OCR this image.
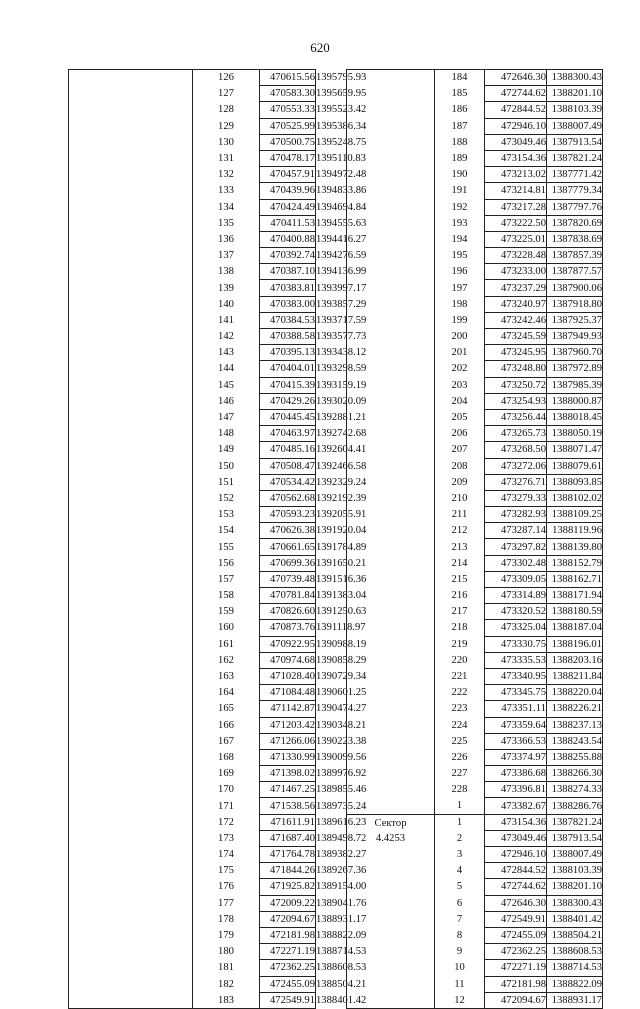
620
	126	470615.56	1395795.93
	127	470583.30	1395659.95
	128	470553.33	1395523.42
	129	470525.99	1395386.34
	130	470500.75	1395248.75
	131	470478.17	1395110.83
	132	470457.91	1394972.48
	133	470439.96	1394833.86
	134	470424.49	1394694.84
	135	470411.53	1394555.63
	136	470400.88	1394416.27
	137	470392.74	1394276.59
	138	470387.10	1394136.99
	139	470383.81	1393997.17
	140	470383.00	1393857.29
	141	470384.53	1393717.59
	142	470388.58	1393577.73
	143	470395.13	1393438.12
	144	470404.01	1393298.59
	145	470415.39	1393159.19
	146	470429.26	1393020.09
	147	470445.45	1392881.21
	148	470463.97	1392742.68
	149	470485.16	1392604.41
	150	470508.47	1392466.58
	151	470534.42	1392329.24
	152	470562.68	1392192.39
	153	470593.23	1392055.91
	154	470626.38	1391920.04
	155	470661.65	1391784.89
	156	470699.36	1391650.21
	157	470739.48	1391516.36
	158	470781.84	1391383.04
	159	470826.60	1391250.63
	160	470873.76	1391118.97
	161	470922.95	1390988.19
	162	470974.68	1390858.29
	163	471028.40	1390729.34
	164	471084.48	1390601.25
	165	471142.87	1390474.27
	166	471203.42	1390348.21
	167	471266.06	1390223.38
	168	471330.99	1390099.56
	169	471398.02	1389976.92
	170	471467.25	1389855.46
	171	471538.56	1389735.24
	172	471611.91	1389616.23
	173	471687.40	1389498.72
	174	471764.78	1389382.27
	175	471844.26	1389267.36
	176	471925.82	1389154.00
	177	472009.22	1389041.76
	178	472094.67	1388931.17
	179	472181.98	1388822.09
	180	472271.19	1388714.53
	181	472362.25	1388608.53
	182	472455.09	1388504.21
	183	472549.91	1388401.42
	184	472646.30	1388300.43
	185	472744.62	1388201.10
	186	472844.52	1388103.39
	187	472946.10	1388007.49
	188	473049.46	1387913.54
	189	473154.36	1387821.24
	190	473213.02	1387771.42
	191	473214.81	1387779.34
	192	473217.28	1387797.76
	193	473222.50	1387820.69
	194	473225.01	1387838.69
	195	473228.48	1387857.39
	196	473233.00	1387877.57
	197	473237.29	1387900.06
	198	473240.97	1387918.80
	199	473242.46	1387925.37
	200	473245.59	1387949.93
	201	473245.95	1387960.70
	202	473248.80	1387972.89
	203	473250.72	1387985.39
	204	473254.93	1388000.87
	205	473256.44	1388018.45
	206	473265.73	1388050.19
	207	473268.50	1388071.47
	208	473272.06	1388079.61
	209	473276.71	1388093.85
	210	473279.33	1388102.02
	211	473282.93	1388109.25
	212	473287.14	1388119.96
	213	473297.82	1388139.80
	214	473302.48	1388152.79
	215	473309.05	1388162.71
	216	473314.89	1388171.94
	217	473320.52	1388180.59
	218	473325.04	1388187.04
	219	473330.75	1388196.01
	220	473335.53	1388203.16
	221	473340.95	1388211.84
	222	473345.75	1388220.04
	223	473351.11	1388226.21
	224	473359.64	1388237.13
	225	473366.53	1388243.54
	226	473374.97	1388255.88
	227	473386.68	1388266.30
	228	473396.81	1388274.33
	1	473382.67	1388286.76

Сектор
4.4253	1	473154.36	1387821.24
	2	473049.46	1387913.54
	3	472946.10	1388007.49
	4	472844.52	1388103.39
	5	472744.62	1388201.10
	6	472646.30	1388300.43
	7	472549.91	1388401.42
	8	472455.09	1388504.21
	9	472362.25	1388608.53
	10	472271.19	1388714.53
	11	472181.98	1388822.09
	12	472094.67	1388931.17
